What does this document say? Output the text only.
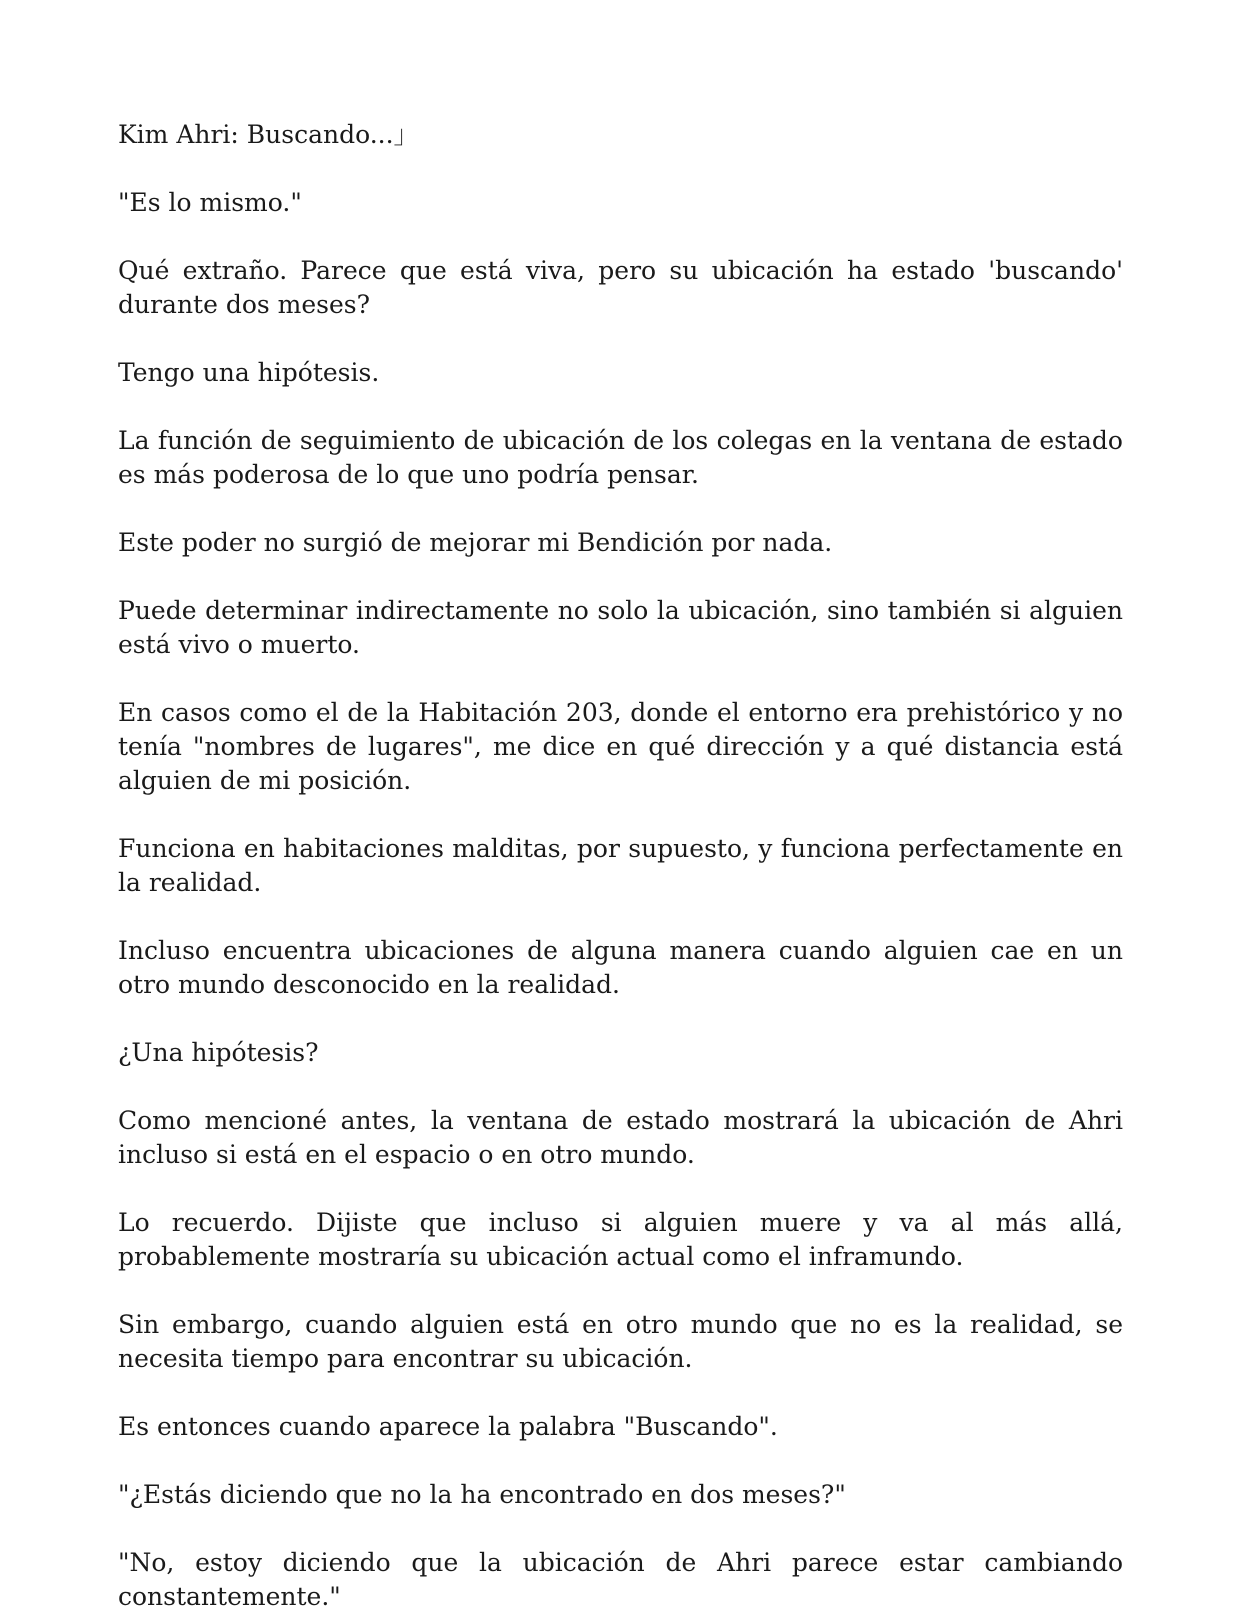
Kim Ahri: Buscando...」

"Es lo mismo."

Qué extraño. Parece que está viva, pero su ubicación ha estado 'buscando' durante dos meses?

Tengo una hipótesis.

La función de seguimiento de ubicación de los colegas en la ventana de estado es más poderosa de lo que uno podría pensar.

Este poder no surgió de mejorar mi Bendición por nada.

Puede determinar indirectamente no solo la ubicación, sino también si alguien está vivo o muerto.

En casos como el de la Habitación 203, donde el entorno era prehistórico y no tenía "nombres de lugares", me dice en qué dirección y a qué distancia está alguien de mi posición.

Funciona en habitaciones malditas, por supuesto, y funciona perfectamente en la realidad.

Incluso encuentra ubicaciones de alguna manera cuando alguien cae en un otro mundo desconocido en la realidad.

¿Una hipótesis?

Como mencioné antes, la ventana de estado mostrará la ubicación de Ahri incluso si está en el espacio o en otro mundo.

Lo recuerdo. Dijiste que incluso si alguien muere y va al más allá, probablemente mostraría su ubicación actual como el inframundo.

Sin embargo, cuando alguien está en otro mundo que no es la realidad, se necesita tiempo para encontrar su ubicación.

Es entonces cuando aparece la palabra "Buscando".

"¿Estás diciendo que no la ha encontrado en dos meses?"

"No, estoy diciendo que la ubicación de Ahri parece estar cambiando constantemente."
